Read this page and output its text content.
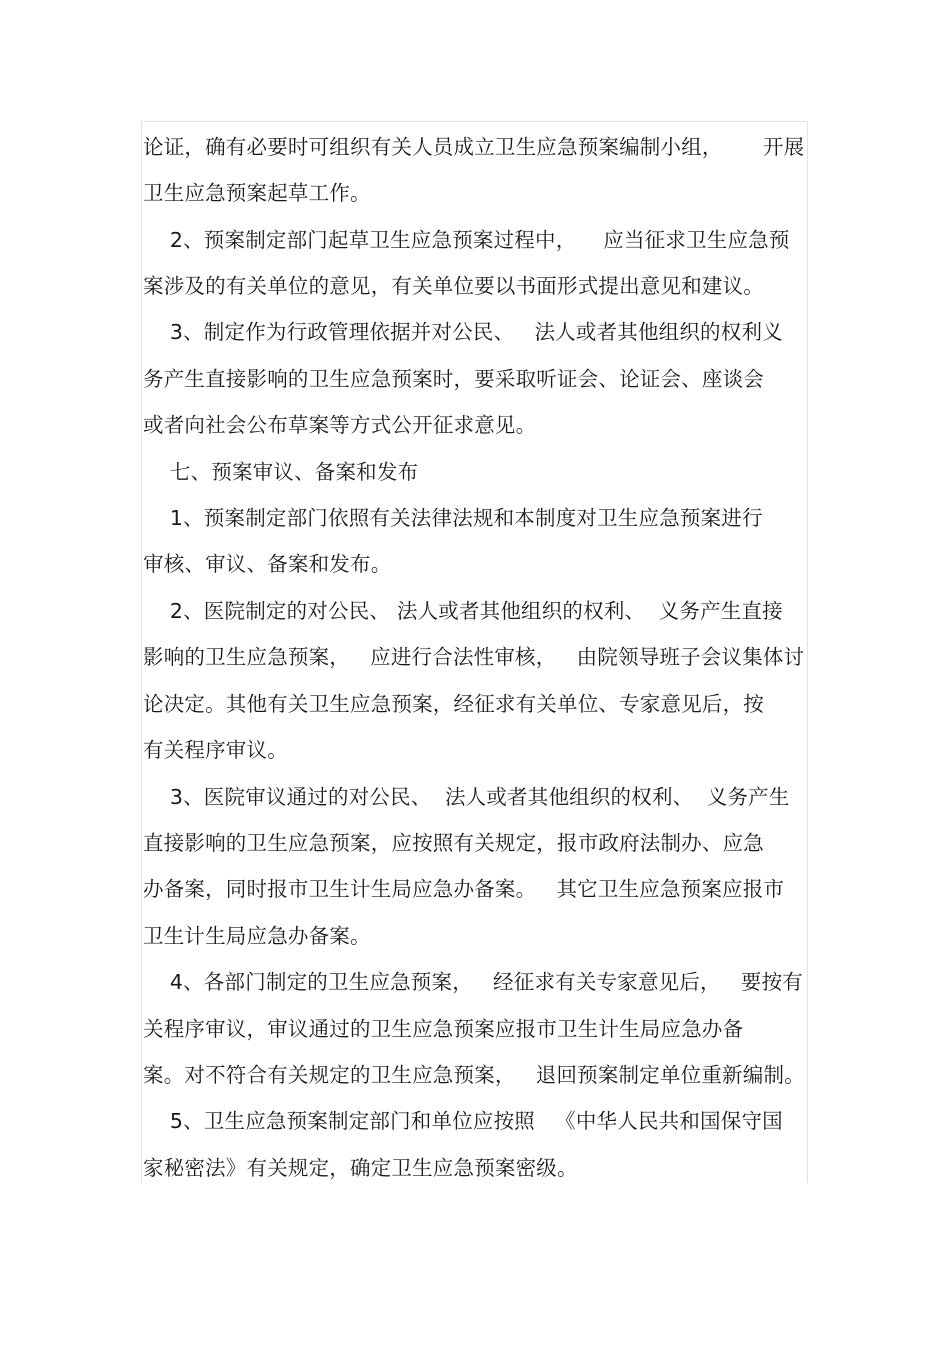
论证，确有必要时可组织有关人员成立卫生应急预案编制小组，      开展
卫生应急预案起草工作。
2、预案制定部门起草卫生应急预案过程中，    应当征求卫生应急预
案涉及的有关单位的意见，有关单位要以书面形式提出意见和建议。
3、制定作为行政管理依据并对公民、   法人或者其他组织的权利义
务产生直接影响的卫生应急预案时，要采取听证会、论证会、座谈会
或者向社会公布草案等方式公开征求意见。
七、预案审议、备案和发布
1、预案制定部门依照有关法律法规和本制度对卫生应急预案进行
审核、审议、备案和发布。
2、医院制定的对公民、 法人或者其他组织的权利、  义务产生直接
影响的卫生应急预案，   应进行合法性审核，   由院领导班子会议集体讨
论决定。其他有关卫生应急预案，经征求有关单位、专家意见后，按
有关程序审议。
3、医院审议通过的对公民、  法人或者其他组织的权利、  义务产生
直接影响的卫生应急预案，应按照有关规定，报市政府法制办、应急
办备案，同时报市卫生计生局应急办备案。   其它卫生应急预案应报市
卫生计生局应急办备案。
4、各部门制定的卫生应急预案，   经征求有关专家意见后，   要按有
关程序审议，审议通过的卫生应急预案应报市卫生计生局应急办备
案。对不符合有关规定的卫生应急预案，   退回预案制定单位重新编制。
5、卫生应急预案制定部门和单位应按照   《中华人民共和国保守国
家秘密法》有关规定，确定卫生应急预案密级。
